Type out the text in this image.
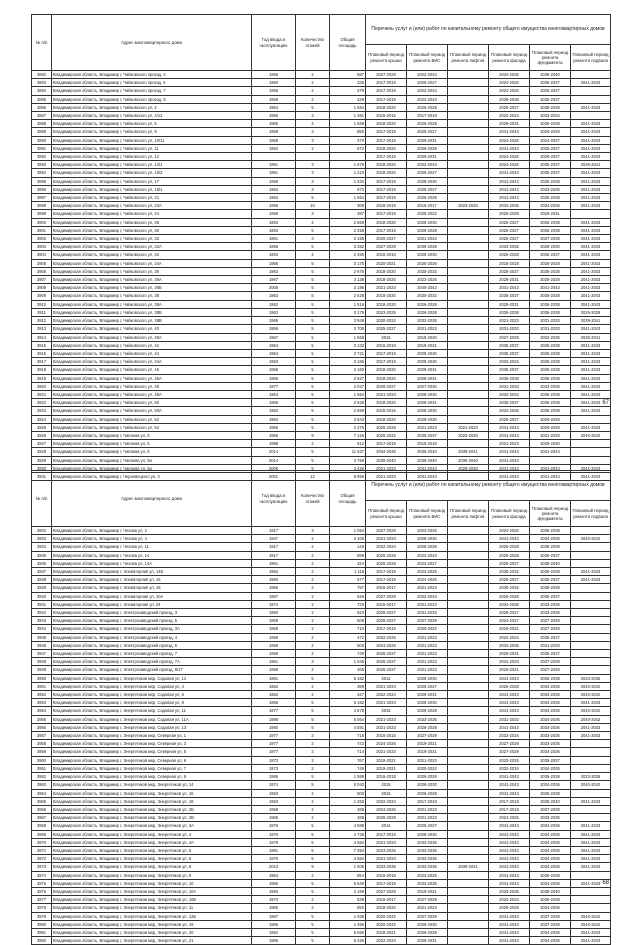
№ п/п	Адрес многоквартирного дома	Год ввода в эксплуатацию	Количество этажей	Общая площадь	Перечень услуг и (или) работ по капитальному ремонту общего имущества многоквартирных домов					
					Плановый период ремонта крыши	Плановый период ремонта ВИС	Плановый период ремонта лифтов	Плановый период ремонта фасада	Плановый период ремонта фундамента	Плановый период ремонта подвала
3882	Владимирская область, Владимир г, Чайковского проезд, 3	1959	2	597	2027-2029	2022-2024		2034-2036	2038-2040	
3883	Владимирская область, Владимир г, Чайковского проезд, 5	1960	2	335	2017-2019	2025-2027		2024-2026	2035-2037	2041-2043
3884	Владимирская область, Владимир г, Чайковского проезд, 7	1959	2	379	2017-2019	2022-2024		2024-2026	2025-2027	
3885	Владимирская область, Владимир г, Чайковского проезд, 9	1959	2	429	2017-2019	2022-2024		2036-2038	2035-2037	
3886	Владимирская область, Владимир г, Чайковского ул, 2	1964	5	1 684	2018-2020	2026-2028		2025-2027	2038-2039	2041-2043
3887	Владимирская область, Владимир г, Чайковского ул, 4/12	1955	3	1 381	2015-2016	2017-2019		2022-2024	2033-2034	
3888	Владимирская область, Владимир г, Чайковского ул, 5	1965	4	1 668	2018-2020	2026-2028		2029-2031	2036-2038	2041-2043
3889	Владимирская область, Владимир г, Чайковского ул, 9	1959	3	880	2017-2019	2025-2027		2041-2043	2026-2028	2041-2043
3890	Владимирская область, Владимир г, Чайковского ул, 10/11	1958	3	370	2017-2019	2029-2031		2024-2026	2024-2027	2041-2043
3891	Владимирская область, Владимир г, Чайковского ул, 11	1962	2	572	2018-2020	2026-2028		2041-2043	2025-2027	2041-2043
3892	Владимирская область, Владимир г, Чайковского ул, 12				2017-2019	2029-2031		2024-2026	2026-2027	2041-2043
3893	Владимирская область, Владимир г, Чайковского ул, 13/1	1961	3	1 676	2018-2020	2022-2024		2024-2026	2035-2037	2036-2041
3894	Владимирская область, Владимир г, Чайковского ул, 15/2	1961	3	1 223	2018-2020	2025-2027		2041-2043	2035-2037	2041-2043
3895	Владимирская область, Владимир г, Чайковского ул, 17	1959	3	1 334	2017-2019	2028-2030		2041-2043	2036-2038	2041-2043
3896	Владимирская область, Владимир г, Чайковского ул, 18/1	1962	3	870	2017-2019	2025-2027		2041-2043	2033-2035	2041-2043
3897	Владимирская область, Владимир г, Чайковского ул, 21	1962	5	1 664	2017-2019	2026-2028		2041-2043	2036-2038	2041-2043
3898	Владимирская область, Владимир г, Чайковского ул, 23А	1995	10	369	2018-2019	2016-2017	2023-2025	2034-2036	2034-2036	2041-2043
3899	Владимирская область, Владимир г, Чайковского ул, 24	1959	3	287	2017-2019	2025-2022		2026-2028	2029-2031	
3900	Владимирская область, Владимир г, Чайковского ул, 28	1963	4	2 569	2018-2020	2028-2030		2025-2027	2036-2038	2041-2043
3901	Владимирская область, Владимир г, Чайковского ул, 30	1963	5	2 258	2017-2019	2026-2028		2025-2027	2036-2038	2041-2043
3902	Владимирская область, Владимир г, Чайковского ул, 32	1961	3	2 195	2026-2027	2021-2023		2025-2027	2037-2039	2041-2043
3903	Владимирская область, Владимир г, Чайковского ул, 32А	1968	5	3 382	2027-2029	2036-2038		2033-2035	2028-2030	2041-2043
3904	Владимирская область, Владимир г, Чайковского ул, 34	1963	4	2 486	2016-2018	2028-2030		2026-2028	2035-2037	2041-2043
3905	Владимирская область, Владимир г, Чайковского ул, 34А	1966	5	3 175	2020-2021	2025-2026		2016-2018	2026-2028	2041-2043
3906	Владимирская область, Владимир г, Чайковского ул, 36	1963	5	2 676	2018-2020	2030-2032		2025-2027	2036-2038	2041-2043
3907	Владимирская область, Владимир г, Чайковского ул, 36А	1967	5	3 138	2018-2020	2023-2025		2029-2031	2026-2028	2041-2043
3908	Владимирская область, Владимир г, Чайковского ул, 36Б	2005	5	3 196	2021-2023	2040-2042		2041-2043	2041-2043	2041-2043
3909	Владимирская область, Владимир г, Чайковского ул, 38	1963	5	2 528	2018-2020	2030-2032		2035-2037	2036-2038	2041-2043
3910	Владимирская область, Владимир г, Чайковского ул, 38А	1963	5	1 516	2018-2020	2026-2028		2029-2031	2036-2038	2041-2043
3911	Владимирская область, Владимир г, Чайковского ул, 38Б	1963	5	3 176	2023-2025	2026-2028		2036-2038	2036-2038	2026-2029
3912	Владимирская область, Владимир г, Чайковского ул, 38В	1969	5	3 948	2020-2022	2033-2035		2021-2023	2031-2033	2039-2041
3913	Владимирская область, Владимир г, Чайковского ул, 40	1966	5	3 708	2025-2027	2021-2023		2031-2033	2031-2033	2041-2043
3914	Владимирская область, Владимир г, Чайковского ул, 40А	1967	5	1 568	2015	2018-2020		2027-2029	2032-2035	2036-2041
3915	Владимирская область, Владимир г, Чайковского ул, 42	1964	5	3 133	2016-2018	2019-2021		2035-2037	2036-2038	2041-2043
3916	Владимирская область, Владимир г, Чайковского ул, 44	1964	5	3 721	2017-2019	2028-2030		2035-2037	2036-2038	2041-2043
3917	Владимирская область, Владимир г, Чайковского ул, 44А	1963	5	3 186	2017-2019	2028-2030		2032-2034	2036-2038	2041-2043
3918	Владимирская область, Владимир г, Чайковского ул, 46	1966	5	2 160	2018-2020	2029-2031		2035-2037	2036-2038	2041-2043
3919	Владимирская область, Владимир г, Чайковского ул, 46А	1965	5	2 527	2018-2020	2029-2031		2036-2038	2036-2038	2041-2043
3920	Владимирская область, Владимир г, Чайковского ул, 48	1977	5	2 047	2026-2027	2027-2030		2031-2033	2033-2035	2041-2043
3921	Владимирская область, Владимир г, Чайковского ул, 48А	1964	5	1 564	2021-2023	2028-2030		2032-2034	2036-2038	2041-2043
3922	Владимирская область, Владимир г, Чайковского ул, 50	1965	5	2 529	2018-2020	2029-2031		2035-2037	2036-2038	2041-2043
3923	Владимирская область, Владимир г, Чайковского ул, 50А	1962	5	2 659	2015-2016	2028-2030		2034-2036	2036-2038	2041-2043
3924	Владимирская область, Владимир г, Чайковского ул, 52	1963	5	2 543	2018-2020	2028-2030		2026-2027	2026-2028	
3925	Владимирская область, Владимир г, Чайковского ул, 54	1966	5	2 275	2026-2028	2021-2023	2021-2023	2041-2043	2026-2028	2041-2043
3926	Владимирская область, Владимир г, Чапаева ул, 3	1966	9	7 126	2026-2022	2035-2037	2023-2025	2041-2043	2031-2033	2040-2042
3927	Владимирская область, Владимир г, Чапаева ул, 5	1998	2	912	2017-2019	2015-2015		2021-2023	2029-2030	
3928	Владимирская область, Владимир г, Чапаева ул, 8	2014	5	11 637	2034-2036	2036-2040	2039-2041	2041-2043	2041-2043	
3929	Владимирская область, Владимир г, Чапаева ул, 8а	2014	5	3 758	2036-2040	2038-2040	2036-2040	2041-2043		
3930	Владимирская область, Владимир г, Чапаева ул, 5а	2006	5	3 426	2021-2023	2041-2043	2028-2030	2041-2043	2041-2043	2041-2043
3931	Владимирская область, Владимир г, Черновецкого ул, 3	2001	12	8 956	2021-2023	2041-2043		2041-2043	2041-2043	2041-2043
67
№ п/п	Адрес многоквартирного дома	Год ввода в эксплуатацию	Количество этажей	Общая площадь	Перечень услуг и (или) работ по капитальному ремонту общего имущества многоквартирных домов					
					Плановый период ремонта крыши	Плановый период ремонта ВИС	Плановый период ремонта лифтов	Плановый период ремонта фасада	Плановый период ремонта фундамента	Плановый период ремонта подвала
3932	Владимирская область, Владимир г, Чехова ул, 2	1917	3	1 054	2027-2029	2023-2025		2024-2026	2036-2038	
3933	Владимирская область, Владимир г, Чехова ул, 4	1947	2	2 106	2021-2023	2028-2030		2041-2043	2034-2036	2040-2042
3934	Владимирская область, Владимир г, Чехова ул, 11	1917	2	148	2022-2024	2026-2028		2026-2028	2038-2039	
3935	Владимирская область, Владимир г, Чехова ул, 14	1917	2	598	2026-2028	2022-2024		2026-2028	2036-2037	
3936	Владимирская область, Владимир г, Чехова ул, 14А	1961	2	324	2026-2028	2023-2027		2025-2027	2038-2040	
3937	Владимирская область, Владимир г, Элеваторная ул, 14Б	1962	2	1 118	2017-2019	2023-2025		2030-2032	2036-2038	2041-2043
3938	Владимирская область, Владимир г, Элеваторная ул, 16	1960	2	677	2017-2019	2024-2026		2025-2027	2035-2037	2041-2043
3939	Владимирская область, Владимир г, Элеваторная ул, 18	1966	2	797	2016-2017	2021-2023		2030-2032	2038-2039	
3940	Владимирская область, Владимир г, Элеваторная ул, 20А	1957	2	646	2027-2029	2022-2024		2026-2028	2036-2037	
3941	Владимирская область, Владимир г, Элеваторная ул, 24	1974	2	733	2016-2017	2021-2023		2034-2036	2033-2035	
3942	Владимирская область, Владимир г, Электрозаводский проезд, 3	1960	2	623	2026-2027	2031-2033		2028-2027	2033-2035	
3943	Владимирская область, Владимир г, Электрозаводский проезд, 5	1959	2	508	2026-2027	2027-2029		2024-2027	2027-2029	
3944	Владимирская область, Владимир г, Электрозаводский проезд, 3А	1958	2	710	2017-2019	2020-2022		2019-2021	2027-2029	
3945	Владимирская область, Владимир г, Электрозаводский проезд, 4	1959	2	472	2022-2025	2021-2023		2022-2024	2035-2037	
3946	Владимирская область, Владимир г, Электрозаводский проезд, 6	1958	2	506	2024-2026	2021-2023		2034-2036	2031-2033	
3947	Владимирская область, Владимир г, Электрозаводский проезд, 7	1958	2	749	2026-2027	2021-2023		2029-2031	2035-2037	
3948	Владимирская область, Владимир г, Электрозаводский проезд, 7А	1961	3	1 046	2026-2027	2021-2023		2031-2033	2037-2039	
3949	Владимирская область, Владимир г, Электрозаводский проезд, 9/27	1958	2	465	2026-2027	2021-2023		2019-2021	2027-2029	
3950	Владимирская область, Владимир г, Энергетиков мкр, Садовая ул, 12	1981	5	5 162	2014	2028-2030		2041-2043	2036-2038	2033-2035
3951	Владимирская область, Владимир г, Энергетиков мкр, Садовая ул, 4	1962	2	399	2021-2023	2025-2027		2026-2028	2034-2036	2040-2042
3952	Владимирская область, Владимир г, Энергетиков мкр, Садовая ул, 6	1962	2	347	2022-2024	2029-2031		2041-2043	2034-2036	2040-2042
3953	Владимирская область, Владимир г, Энергетиков мкр, Садовая ул, 8	1966	5	6 182	2021-2023	2028-2030		2041-2043	2034-2036	2041-2043
3954	Владимирская область, Владимир г, Энергетиков мкр, Садовая ул, 11	1977	5	4 578	2015	2026-2028		2041-2043	2034-2036	2040-2042
3955	Владимирская область, Владимир г, Энергетиков мкр, Садовая ул, 11А	1988	5	5 064	2021-2023	2033-2035		2031-2033	2034-2036	2040-2042
3956	Владимирская область, Владимир г, Энергетиков мкр, Садовая ул, 13	1980	5	4 591	2021-2023	2026-2028		2041-2043	2034-2036	2041-2043
3957	Владимирская область, Владимир г, Энергетиков мкр, Северная ул, 1	1977	2	715	2016-2018	2027-2029		2032-2034	2033-2035	2041-2043
3958	Владимирская область, Владимир г, Энергетиков мкр, Северная ул, 3	1977	2	743	2024-2026	2019-2021		2027-2029	2033-2035	
3959	Владимирская область, Владимир г, Энергетиков мкр, Северная ул, 5	1977	2	714	2021-2023	2019-2021		2027-2029	2034-2036	
3960	Владимирская область, Владимир г, Энергетиков мкр, Северная ул, 6	1973	2	767	2019-2021	2021-2023		2023-2025	2035-2037	
3961	Владимирская область, Владимир г, Энергетиков мкр, Северная ул, 7	1973	2	749	2019-2021	2020-2022		2032-2034	2034-2036	
3962	Владимирская область, Владимир г, Энергетиков мкр, Северная ул, 9	1986	5	1 589	2016-2018	2026-2028		2041-2043	2036-2038	2033-2035
3963	Владимирская область, Владимир г, Энергетиков мкр, Энергетиков ул, 14	1974	5	5 040	2015	2028-2030		2041-2043	2034-2036	2040-2042
3964	Владимирская область, Владимир г, Энергетиков мкр, Энергетиков ул, 16	1963	2	500	2015	2026-2028		2041-2043	2036-2038	
3965	Владимирская область, Владимир г, Энергетиков мкр, Энергетиков ул, 18	1963	2	1 260	2022-2024	2017-2019		2017-2019	2038-2040	2041-2043
3966	Владимирская область, Владимир г, Энергетиков мкр, Энергетиков ул, 2Б	1958	2	489	2024-2026	2021-2023		2017-2019	2037-2039	
3967	Владимирская область, Владимир г, Энергетиков мкр, Энергетиков ул, 2В	1965	2	489	2026-2028	2021-2023		2024-2026	2033-2035	
3968	Владимирская область, Владимир г, Энергетиков мкр, Энергетиков ул, 3А	1976	5	4 588	2014	2025-2027		2041-2043	2034-2036	2041-2043
3969	Владимирская область, Владимир г, Энергетиков мкр, Энергетиков ул, 4	1970	5	4 735	2017-2019	2028-2030		2041-2043	2034-2036	2041-2043
3970	Владимирская область, Владимир г, Энергетиков мкр, Энергетиков ул, 4А	1979	5	4 584	2021-2023	2033-2035		2041-2043	2034-2036	2041-2043
3971	Владимирская область, Владимир г, Энергетиков мкр, Энергетиков ул, 5	1991	5	7 394	2023-2025	2033-2035		2041-2043	2034-2036	2041-2043
3972	Владимирская область, Владимир г, Энергетиков мкр, Энергетиков ул, 6	1975	5	4 584	2021-2023	2033-2035		2041-2043	2034-2036	2041-2043
3973	Владимирская область, Владимир г, Энергетиков мкр, Энергетиков ул, 8	2013	9	1 605	2033-2035	2033-2035	2039-2041	2041-2043	2034-2036	2041-2043
3974	Владимирская область, Владимир г, Энергетиков мкр, Энергетиков ул, 9	1964	2	554	2016-2018	2023-2025		2041-2043	2036-2038	
3975	Владимирская область, Владимир г, Энергетиков мкр, Энергетиков ул, 10	1986	5	5 640	2017-2019	2033-2035		2041-2043	2034-2036	2041-2043
3976	Владимирская область, Владимир г, Энергетиков мкр, Энергетиков ул, 10А	1993	5	2 169	2027-2029	2019-2021		2033-2035	2038-2040	
3977	Владимирская область, Владимир г, Энергетиков мкр, Энергетиков ул, 10Б	1973	2	538	2016-2017	2027-2029		2032-2034	2036-2038	
3978	Владимирская область, Владимир г, Энергетиков мкр, Энергетиков ул, 11	1965	2	550	2018-2020	2021-2023		2026-2028	2034-2036	
3979	Владимирская область, Владимир г, Энергетиков мкр, Энергетиков ул, 12Б	1987	5	1 938	2020-2022	2027-2029		2041-2043	2037-2039	2040-2042
3980	Владимирская область, Владимир г, Энергетиков мкр, Энергетиков ул, 19	1986	5	1 466	2020-2022	2028-2030		2041-2043	2037-2039	2040-2042
3981	Владимирская область, Владимир г, Энергетиков мкр, Энергетиков ул, 20	1984	5	5 660	2018-2021	2026-2028		2041-2043	2034-2036	2041-2043
3982	Владимирская область, Владимир г, Энергетиков мкр, Энергетиков ул, 21	1986	5	5 326	2022-2024	2028-2031		2041-2043	2034-2036	2041-2043
68
